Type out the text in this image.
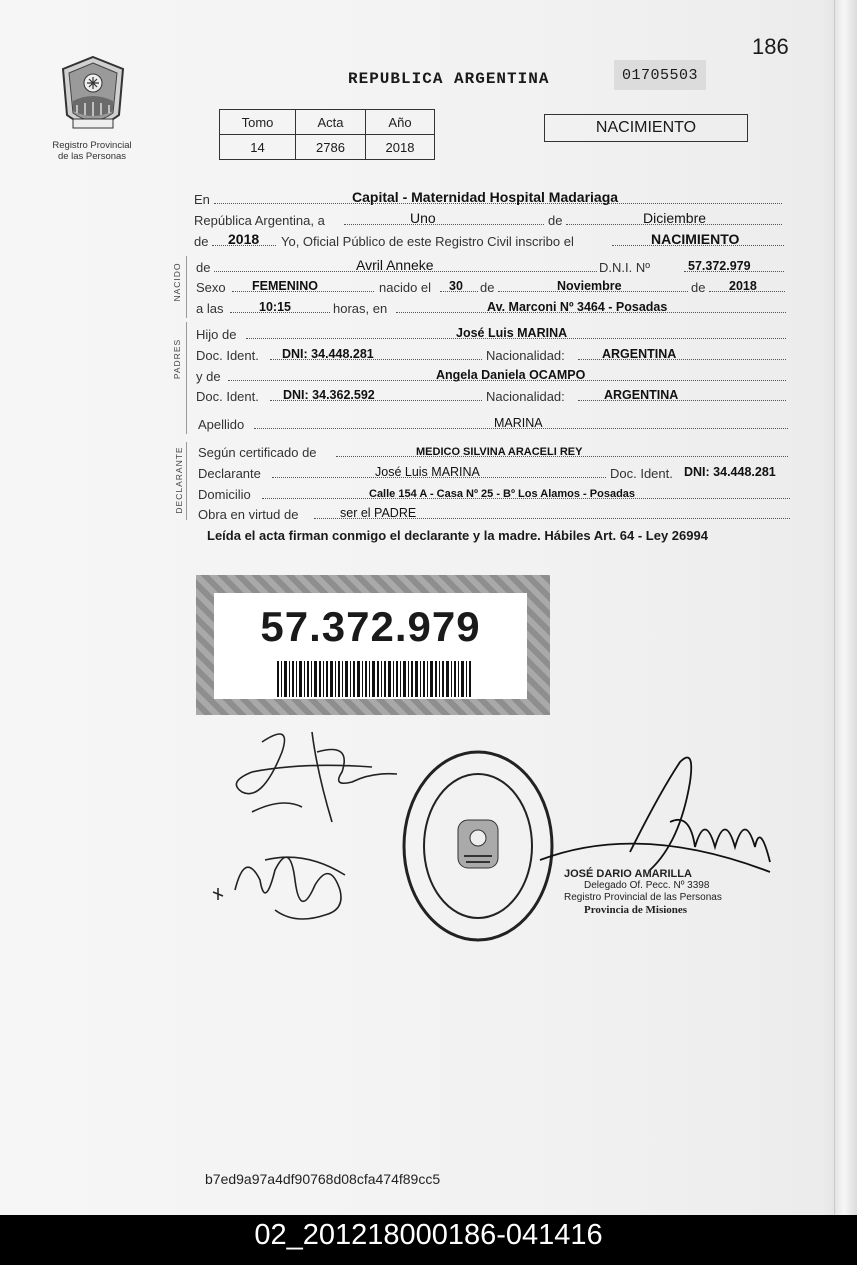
186
Registro Provincial
de las Personas
REPUBLICA ARGENTINA	01705503
Tomo	Acta	Año
14	2786	2018
NACIMIENTO
En	Capital - Maternidad Hospital Madariaga
República Argentina, a	Uno	de	Diciembre
de 2018 Yo, Oficial Público de este Registro Civil inscribo el	NACIMIENTO
NACIDO de	Avril Anneke	D.N.I. Nº	57.372.979
Sexo FEMENINO	nacido el 30 de	Noviembre	de 2018
a las	10:15	horas, en	Av. Marconi Nº 3464 - Posadas
PADRES
Hijo de	José Luis MARINA
Doc. Ident. DNI: 34.448.281	Nacionalidad:	ARGENTINA
y de	Angela Daniela OCAMPO
Doc. Ident. DNI: 34.362.592	Nacionalidad:	ARGENTINA
Apellido	MARINA
DECLARANTE Según certificado de	MEDICO SILVINA ARACELI REY
Declarante	José Luis MARINA	Doc. Ident. DNI: 34.448.281
Domicilio	Calle 154 A - Casa Nº 25 - Bº Los Alamos - Posadas
Obra en virtud de	ser el PADRE
Leída el acta firman conmigo el declarante y la madre. Hábiles Art. 64 - Ley 26994
57.372.979
JOSÉ DARIO AMARILLA
Delegado Of. Pecc. Nº 3398
Registro Provincial de las Personas
Provincia de Misiones
b7ed9a97a4df90768d08cfa474f89cc5
02_201218000186-041416
